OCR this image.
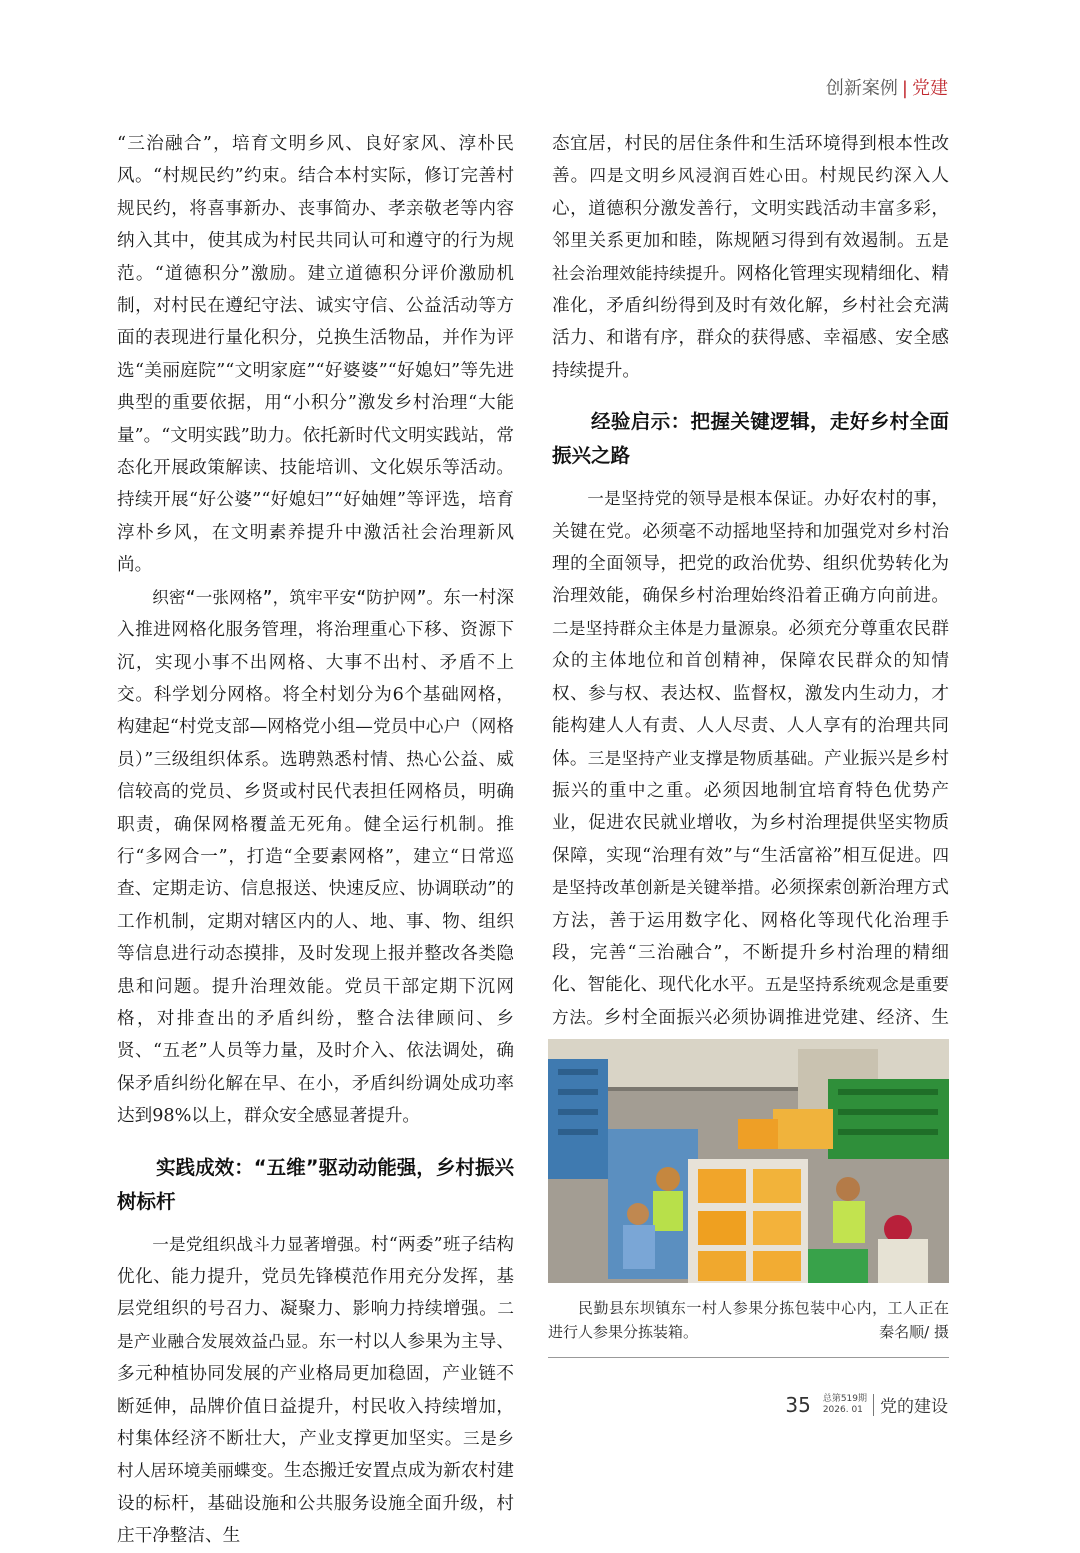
创新案例 | 党建

“三治融合”，培育文明乡风、良好家风、淳朴民风。“村规民约”约束。结合本村实际，修订完善村规民约，将喜事新办、丧事简办、孝亲敬老等内容纳入其中，使其成为村民共同认可和遵守的行为规范。“道德积分”激励。建立道德积分评价激励机制，对村民在遵纪守法、诚实守信、公益活动等方面的表现进行量化积分，兑换生活物品，并作为评选“美丽庭院”“文明家庭”“好婆婆”“好媳妇”等先进典型的重要依据，用“小积分”激发乡村治理“大能量”。“文明实践”助力。依托新时代文明实践站，常态化开展政策解读、技能培训、文化娱乐等活动。持续开展“好公婆”“好媳妇”“好妯娌”等评选，培育淳朴乡风，在文明素养提升中激活社会治理新风尚。

织密“一张网格”，筑牢平安“防护网”。东一村深入推进网格化服务管理，将治理重心下移、资源下沉，实现小事不出网格、大事不出村、矛盾不上交。科学划分网格。将全村划分为6个基础网格，构建起“村党支部—网格党小组—党员中心户（网格员）”三级组织体系。选聘熟悉村情、热心公益、威信较高的党员、乡贤或村民代表担任网格员，明确职责，确保网格覆盖无死角。健全运行机制。推行“多网合一”，打造“全要素网格”，建立“日常巡查、定期走访、信息报送、快速反应、协调联动”的工作机制，定期对辖区内的人、地、事、物、组织等信息进行动态摸排，及时发现上报并整改各类隐患和问题。提升治理效能。党员干部定期下沉网格，对排查出的矛盾纠纷，整合法律顾问、乡贤、“五老”人员等力量，及时介入、依法调处，确保矛盾纠纷化解在早、在小，矛盾纠纷调处成功率达到98%以上，群众安全感显著提升。

实践成效：“五维”驱动动能强，乡村振兴树标杆

一是党组织战斗力显著增强。村“两委”班子结构优化、能力提升，党员先锋模范作用充分发挥，基层党组织的号召力、凝聚力、影响力持续增强。二是产业融合发展效益凸显。东一村以人参果为主导、多元种植协同发展的产业格局更加稳固，产业链不断延伸，品牌价值日益提升，村民收入持续增加，村集体经济不断壮大，产业支撑更加坚实。三是乡村人居环境美丽蝶变。生态搬迁安置点成为新农村建设的标杆，基础设施和公共服务设施全面升级，村庄干净整洁、生

态宜居，村民的居住条件和生活环境得到根本性改善。四是文明乡风浸润百姓心田。村规民约深入人心，道德积分激发善行，文明实践活动丰富多彩，邻里关系更加和睦，陈规陋习得到有效遏制。五是社会治理效能持续提升。网格化管理实现精细化、精准化，矛盾纠纷得到及时有效化解，乡村社会充满活力、和谐有序，群众的获得感、幸福感、安全感持续提升。

经验启示：把握关键逻辑，走好乡村全面振兴之路

一是坚持党的领导是根本保证。办好农村的事，关键在党。必须毫不动摇地坚持和加强党对乡村治理的全面领导，把党的政治优势、组织优势转化为治理效能，确保乡村治理始终沿着正确方向前进。二是坚持群众主体是力量源泉。必须充分尊重农民群众的主体地位和首创精神，保障农民群众的知情权、参与权、表达权、监督权，激发内生动力，才能构建人人有责、人人尽责、人人享有的治理共同体。三是坚持产业支撑是物质基础。产业振兴是乡村振兴的重中之重。必须因地制宜培育特色优势产业，促进农民就业增收，为乡村治理提供坚实物质保障，实现“治理有效”与“生活富裕”相互促进。四是坚持改革创新是关键举措。必须探索创新治理方式方法，善于运用数字化、网格化等现代化治理手段，完善“三治融合”，不断提升乡村治理的精细化、智能化、现代化水平。五是坚持系统观念是重要方法。乡村全面振兴必须协调推进党建、经济、生

民勤县东坝镇东一村人参果分拣包装中心内，工人正在进行人参果分拣装箱。	秦名顺/ 摄
35 总第519期
2026. 01	党的建设
